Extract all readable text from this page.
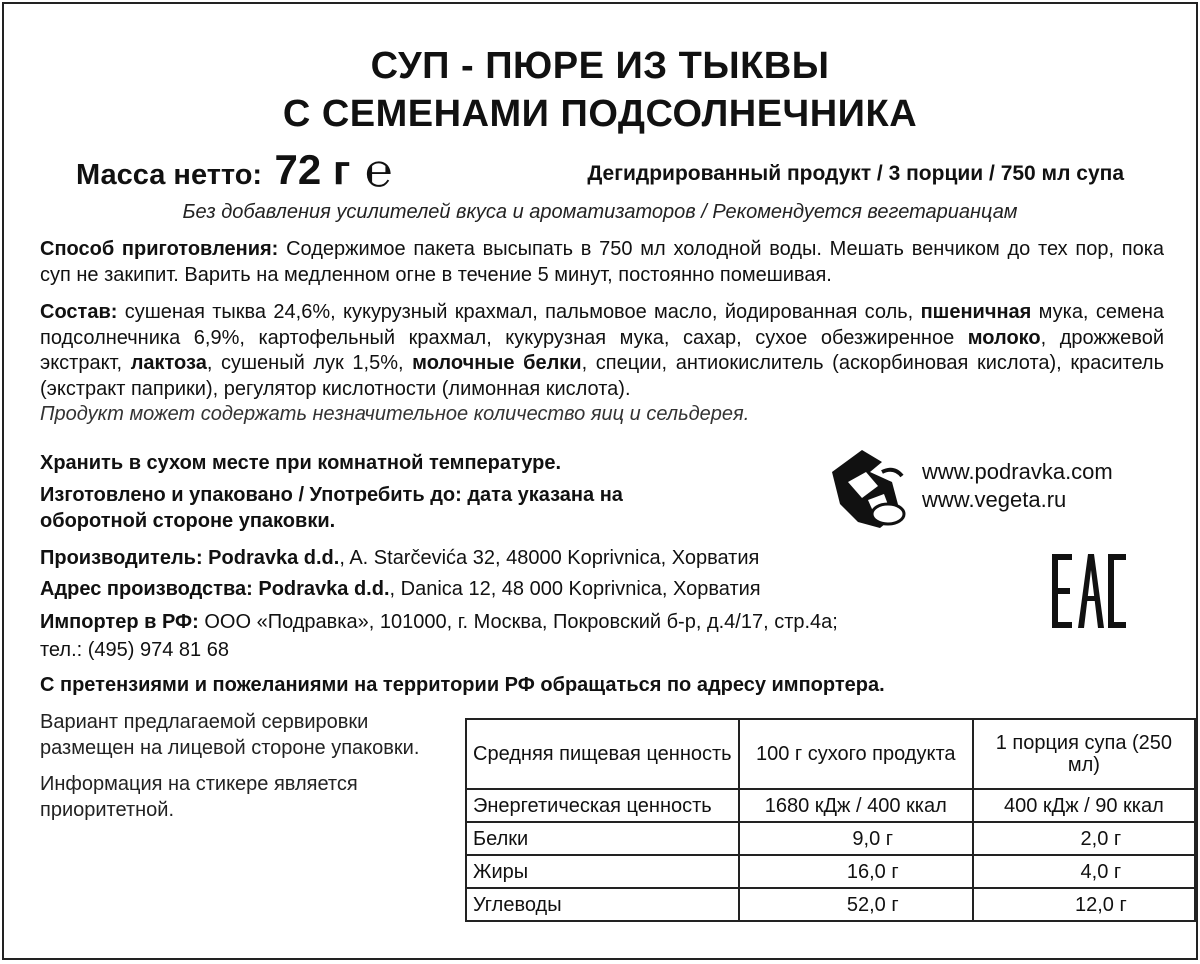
СУП - ПЮРЕ ИЗ ТЫКВЫ
С СЕМЕНАМИ ПОДСОЛНЕЧНИКА
Масса нетто: 72 г ℮	Дегидрированный продукт / 3 порции / 750 мл супа
Без добавления усилителей вкуса и ароматизаторов / Рекомендуется вегетарианцам
Способ приготовления: Содержимое пакета высыпать в 750 мл холодной воды. Мешать венчиком до тех пор, пока суп не закипит. Варить на медленном огне в течение 5 минут, постоянно помешивая.
Состав: сушеная тыква 24,6%, кукурузный крахмал, пальмовое масло, йодированная соль, пшеничная мука, семена подсолнечника 6,9%, картофельный крахмал, кукурузная мука, сахар, сухое обезжиренное молоко, дрожжевой экстракт, лактоза, сушеный лук 1,5%, молочные белки, специи, антиокислитель (аскорбиновая кислота), краситель (экстракт паприки), регулятор кислотности (лимонная кислота).
Продукт может содержать незначительное количество яиц и сельдерея.
Хранить в сухом месте при комнатной температуре.
Изготовлено и упаковано / Употребить до: дата указана на
оборотной стороне упаковки.
Производитель: Podravka d.d., A. Starčevića 32, 48000 Koprivnica, Хорватия
Адрес производства: Podravka d.d., Danica 12, 48 000 Koprivnica, Хорватия
Импортер в РФ: ООО «Подравка», 101000, г. Москва, Покровский б-р, д.4/17, стр.4а;
тел.: (495) 974 81 68
С претензиями и пожеланиями на территории РФ обращаться по адресу импортера.
www.podravka.com
www.vegeta.ru

Вариант предлагаемой сервировки размещен на лицевой стороне упаковки.

Информация на стикере является приоритетной.

Средняя пищевая ценность	100 г сухого продукта	1 порция супа (250 мл)
Энергетическая ценность	1680 кДж / 400 ккал	400 кДж / 90 ккал
Белки	9,0 г	2,0 г
Жиры	16,0 г	4,0 г
Углеводы	52,0 г	12,0 г
